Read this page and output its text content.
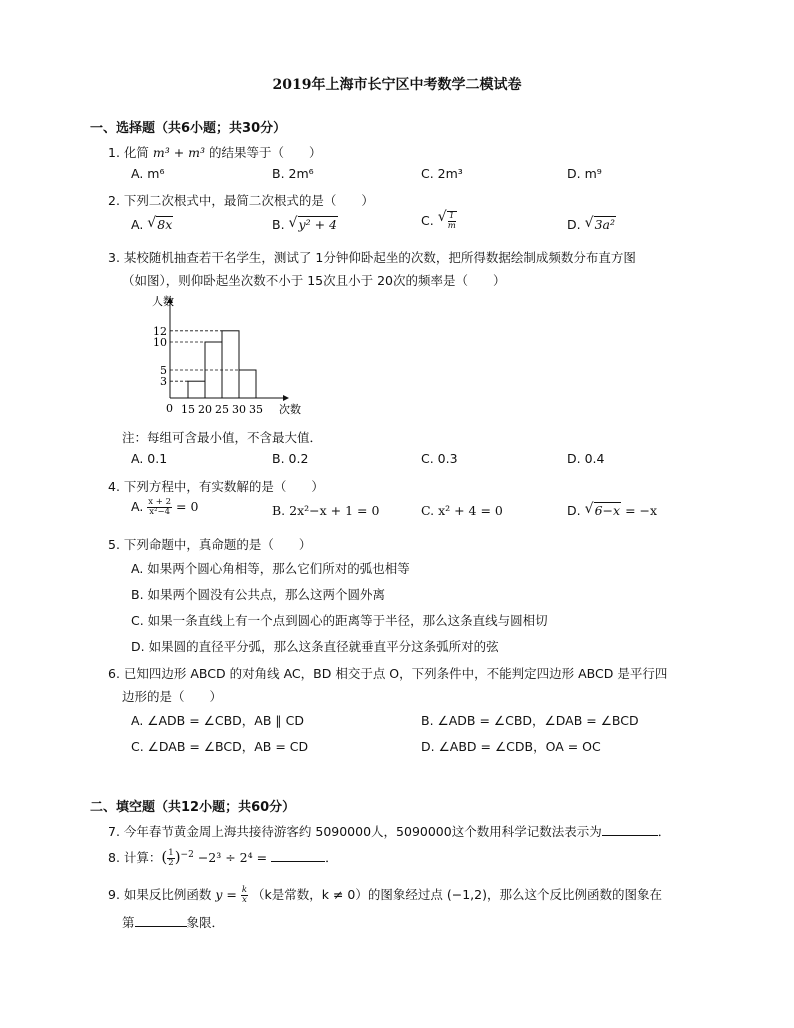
2019年上海市长宁区中考数学二模试卷
一、选择题（共6小题；共30分）
1. 化简 m³ + m³ 的结果等于（　　）
A. m⁶	B. 2m⁶	C. 2m³	D. m⁹
2. 下列二次根式中，最简二次根式的是（　　）
A. √ 8x	B. √ y² + 4	C. √ $\frac{1}{m}$	D. √ 3a²
3. 某校随机抽查若干名学生，测试了 1分钟仰卧起坐的次数，把所得数据绘制成频数分布直方图
（如图），则仰卧起坐次数不小于 15次且小于 20次的频率是（　　）
人数
次数
0
3
5
10
12
15 20 25 30 35
注：每组可含最小值，不含最大值．
A. 0.1	B. 0.2	C. 0.3	D. 0.4
4. 下列方程中，有实数解的是（　　）
A. $\frac{x + 2}{\text{x²−4}} = 0$	B. 2x²−x + 1 = 0	C. x² + 4 = 0	D. √ 6−x = −x
5. 下列命题中，真命题的是（　　）
A. 如果两个圆心角相等，那么它们所对的弧也相等
B. 如果两个圆没有公共点，那么这两个圆外离
C. 如果一条直线上有一个点到圆心的距离等于半径，那么这条直线与圆相切
D. 如果圆的直径平分弧，那么这条直径就垂直平分这条弧所对的弦
6. 已知四边形 ABCD 的对角线 AC，BD 相交于点 O，下列条件中，不能判定四边形 ABCD 是平行四
边形的是（　　）
A. ∠ADB = ∠CBD，AB ∥ CD	B. ∠ADB = ∠CBD，∠DAB = ∠BCD
C. ∠DAB = ∠BCD，AB = CD	D. ∠ABD = ∠CDB，OA = OC
二、填空题（共12小题；共60分）
7. 今年春节黄金周上海共接待游客约 5090000人，5090000这个数用科学记数法表示为	．
8. 计算：( $\frac{1}{2} )^{-2} -2^3 \div 2^4$ =	．
9. 如果反比例函数 $y = \frac{k}{x} (k$是常数，k ≠ 0）的图象经过点 (−1,2)，那么这个反比例函数的图象在
第	象限．
